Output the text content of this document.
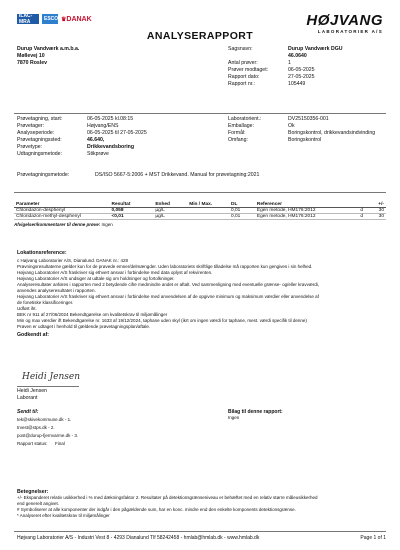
ILAC-MRA	ESCO ♛ DANAK
ANALYSERAPPORT
HØJVANG
LABORATORIER A/S
Durup Vandværk a.m.b.a.
Møllevej 10
7870 Roslev
Sagsnavn:	Durup Vandværk DGU
46.0640
Antal prøver:	1
Prøver modtaget:	06-05-2025
Rapport dato:	27-05-2025
Rapport nr.:	105449
Prøvetagning, start:	06-05-2025 kl.08:15
Prøvetager:	Højvang/ENS
Analyseperiode:	06-05-2025 til 27-05-2025
Prøvetagningssted:	46.640,
Prøvetype:	Drikkevandsboring
Udtagningsmetode:	Stikprøve
Laboratorient.:	DV25150356-001
Emballage:	Ok
Formål:	Boringskontrol, drikkevandsindvinding
Omfang:	Boringskontrol
Prøvetagningsmetode:	DS/ISO 5667-5:2006 + MST Drikkevand. Manual for prøvetagning:2021
Parameter	Resultat	Enhed	Min / Max.	DL	Referencer		+/-
Chloridazon-desphenyl	0,058	µg/L		0,01	Egen metode, HM176:2012	d	30
Chloridazon-methyl-desphenyl	<0,01	µg/L		0,01	Egen metode, HM176:2012	d	30
Afvigelser/kommentarer til denne prøve: Ingen
Lokationsreference:
c Højvang Laboratorier A/S, Dianalund. DANAK nr.: 428
Prøvningsresultaterne gælder kun for de prøvede emner/delmængder. Uden laboratoriets skriftlige tilladelse må rapporten kun gengives i sin helhed.
Højvang Laboratorier A/S fraskriver sig ethvert ansvar i forbindelse med data oplyst af rekvirenten.
Højvang Laboratorier A/S undsiger at udtale sig om holdninger og fortolkninger.
Analyseresultater anføres i rapporten med 2 betydende cifre medmindre andet er aftalt. Ved sammenligning med eventuelle grænse- og/eller kravværdi,
anvendes analyseresultatet i rapporten.
Højvang Laboratorier A/S fraskriver sig ethvert ansvar i forbindelse med anvendelsen af de opgivne minimum og maksimum værdier eller anvendelse af
de fonetiske klassificeringer.
Udført iht.
BEK nr 911 af 27/06/2024 Bekendtgørelse om kvalitetskrav til miljømålinger
Min og max værdier ift Bekendtgørelse nr. 1633 af 19/12/2024, tøphane uden skyl (ikrt om ingen værdi for taphane, mest. værdi specifik til denne)
Prøven er udtaget i henhold til gældende prøvetagningsplan/aftale.
Godkendt af:
Heidi Jensen
Heidi Jensen
Laborant
Sendt til:
tek@skivekommune.dk - 1.
trvest@stps.dk - 2.
post@durup-fjernvarme.dk - 3.
Rapport status:	Final
Bilag til denne rapport:
Ingen
Betegnelser:
+/- Ekspanderet relativ usikkerhed i % med dækningsfaktor 2. Resultater på detektionsgrænseniveau er behæftet med en relativ større måleusikkerhed
end generelt angivet.
# Symboliserer at alle komponenter der indgår i den pågældende sum, har en konc. mindre end den enkelte komponents detektionsgrænse.
* Analyseret efter kvalitetskrav til miljømålinger
Højvang Laboratorier A/S - Industri Vest 8 - 4293 Dianalund Tlf 58242458 - hmlab@hmlab.dk - www.hmlab.dk	Page 1 of 1
